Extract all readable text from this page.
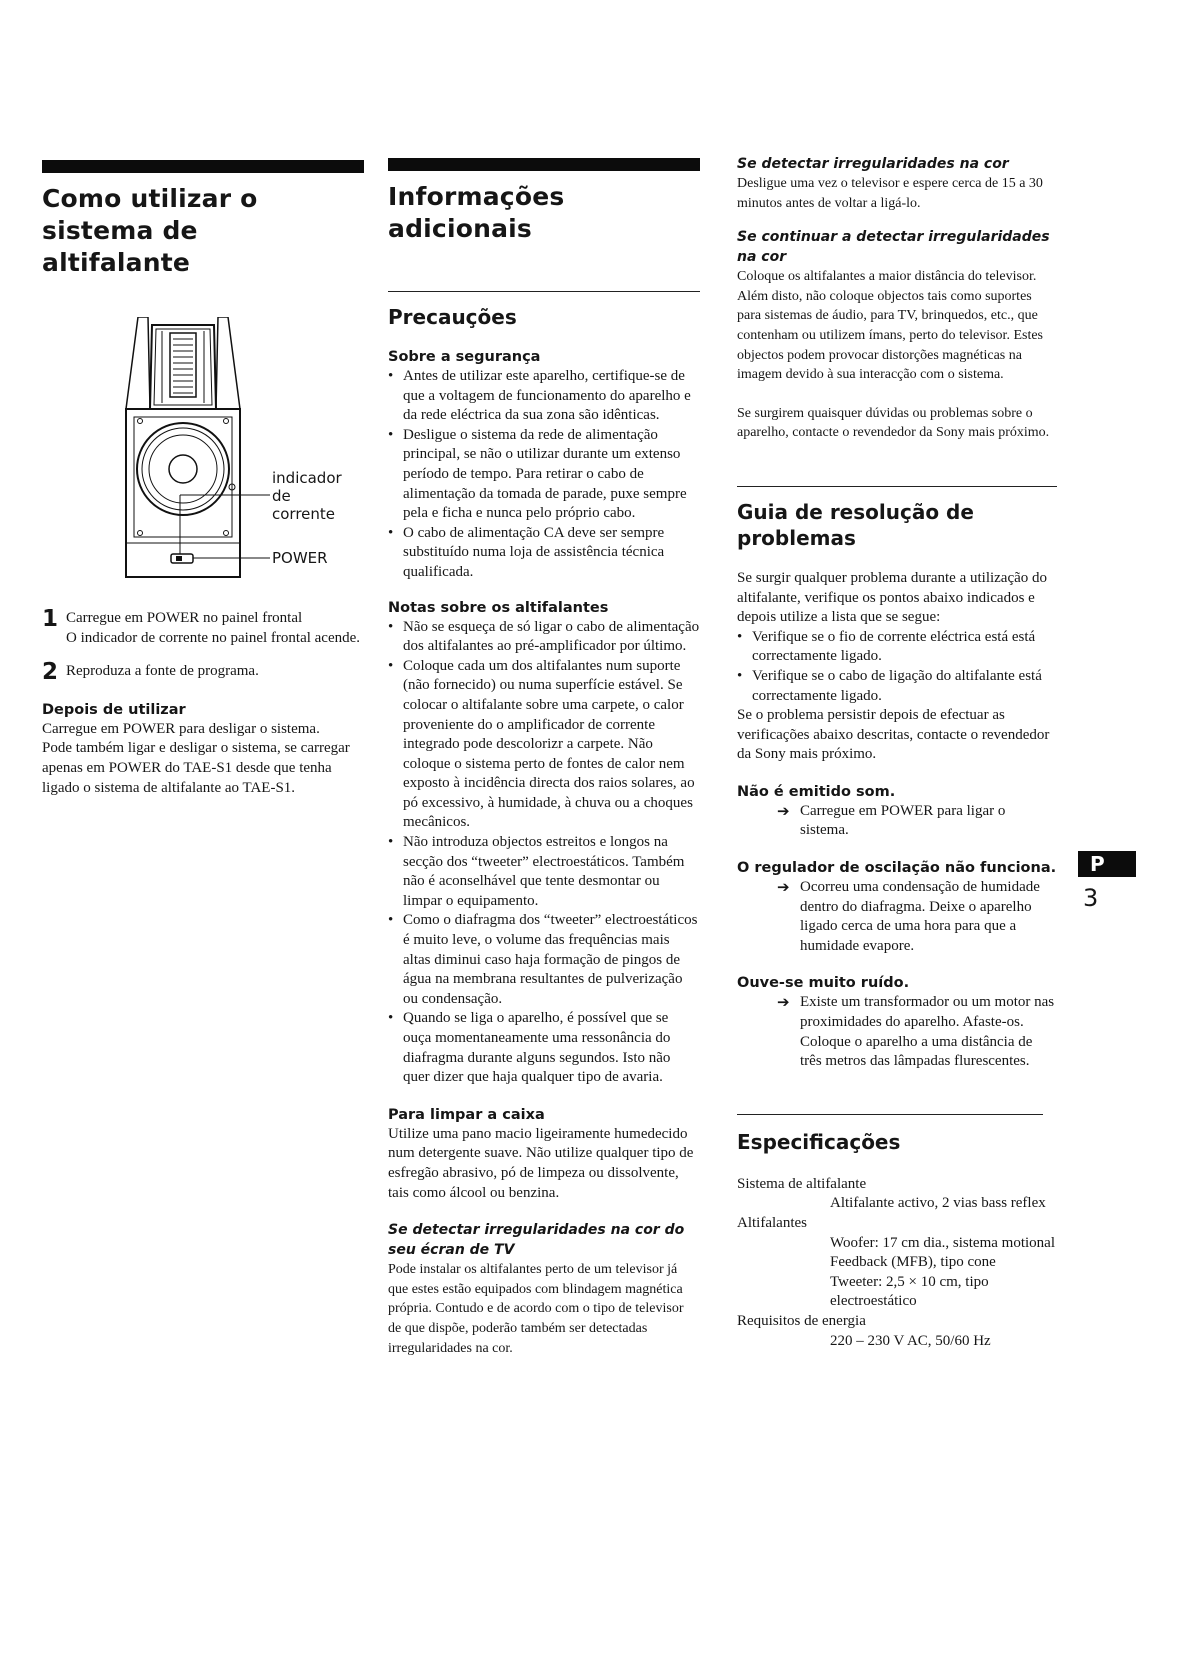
Como utilizar o
sistema de
altifalante
indicador
de
corrente
POWER
1 Carregue em POWER no painel frontal

O indicador de corrente no painel frontal acende.

2 Reproduza a fonte de programa.

Depois de utilizar

Carregue em POWER para desligar o sistema.

Pode também ligar e desligar o sistema, se carregar apenas em POWER do TAE-S1 desde que tenha ligado o sistema de altifalante ao TAE-S1.

Informações
adicionais
Precauções
Sobre a segurança
• Antes de utilizar este aparelho, certifique-se de que a voltagem de funcionamento do aparelho e da rede eléctrica da sua zona são idênticas.
• Desligue o sistema da rede de alimentação principal, se não o utilizar durante um extenso período de tempo. Para retirar o cabo de alimentação da tomada de parade, puxe sempre pela e ficha e nunca pelo próprio cabo.
• O cabo de alimentação CA deve ser sempre substituído numa loja de assistência técnica qualificada.
Notas sobre os altifalantes
• Não se esqueça de só ligar o cabo de alimentação dos altifalantes ao pré-amplificador por último.
• Coloque cada um dos altifalantes num suporte (não fornecido) ou numa superfície estável. Se colocar o altifalante sobre uma carpete, o calor proveniente do o amplificador de corrente integrado pode descolorizr a carpete. Não coloque o sistema perto de fontes de calor nem exposto à incidência directa dos raios solares, ao pó excessivo, à humidade, à chuva ou a choques mecânicos.
• Não introduza objectos estreitos e longos na secção dos “tweeter” electroestáticos. Também não é aconselhável que tente desmontar ou limpar o equipamento.
• Como o diafragma dos “tweeter” electroestáticos é muito leve, o volume das frequências mais altas diminui caso haja formação de pingos de água na membrana resultantes de pulverização ou condensação.
• Quando se liga o aparelho, é possível que se ouça momentaneamente uma ressonância do diafragma durante alguns segundos. Isto não quer dizer que haja qualquer tipo de avaria.
Para limpar a caixa

Utilize uma pano macio ligeiramente humedecido num detergente suave. Não utilize qualquer tipo de esfregão abrasivo, pó de limpeza ou dissolvente, tais como álcool ou benzina.

Se detectar irregularidades na cor do seu écran de TV

Pode instalar os altifalantes perto de um televisor já que estes estão equipados com blindagem magnética própria. Contudo e de acordo com o tipo de televisor de que dispõe, poderão também ser detectadas irregularidades na cor.

Se detectar irregularidades na cor

Desligue uma vez o televisor e espere cerca de 15 a 30 minutos antes de voltar a ligá-lo.

Se continuar a detectar irregularidades na cor

Coloque os altifalantes a maior distância do televisor.

Além disto, não coloque objectos tais como suportes para sistemas de áudio, para TV, brinquedos, etc., que contenham ou utilizem ímans, perto do televisor. Estes objectos podem provocar distorções magnéticas na imagem devido à sua interacção com o sistema.

Se surgirem quaisquer dúvidas ou problemas sobre o aparelho, contacte o revendedor da Sony mais próximo.

Guia de resolução de
problemas

Se surgir qualquer problema durante a utilização do altifalante, verifique os pontos abaixo indicados e depois utilize a lista que se segue:

• Verifique se o fio de corrente eléctrica está está correctamente ligado.
• Verifique se o cabo de ligação do altifalante está correctamente ligado.

Se o problema persistir depois de efectuar as verificações abaixo descritas, contacte o revendedor da Sony mais próximo.

Não é emitido som.
➔ Carregue em POWER para ligar o sistema.

O regulador de oscilação não funciona.
➔ Ocorreu uma condensação de humidade dentro do diafragma. Deixe o aparelho ligado cerca de uma hora para que a humidade evapore.

Ouve-se muito ruído.
➔ Existe um transformador ou um motor nas proximidades do aparelho. Afaste-os. Coloque o aparelho a uma distância de três metros das lâmpadas flurescentes.

Especificações

Sistema de altifalante

Altifalante activo, 2 vias bass reflex

Altifalantes

Woofer: 17 cm dia., sistema motional Feedback (MFB), tipo cone

Tweeter: 2,5 × 10 cm, tipo electroestático

Requisitos de energia

220 – 230 V AC, 50/60 Hz

P
3
